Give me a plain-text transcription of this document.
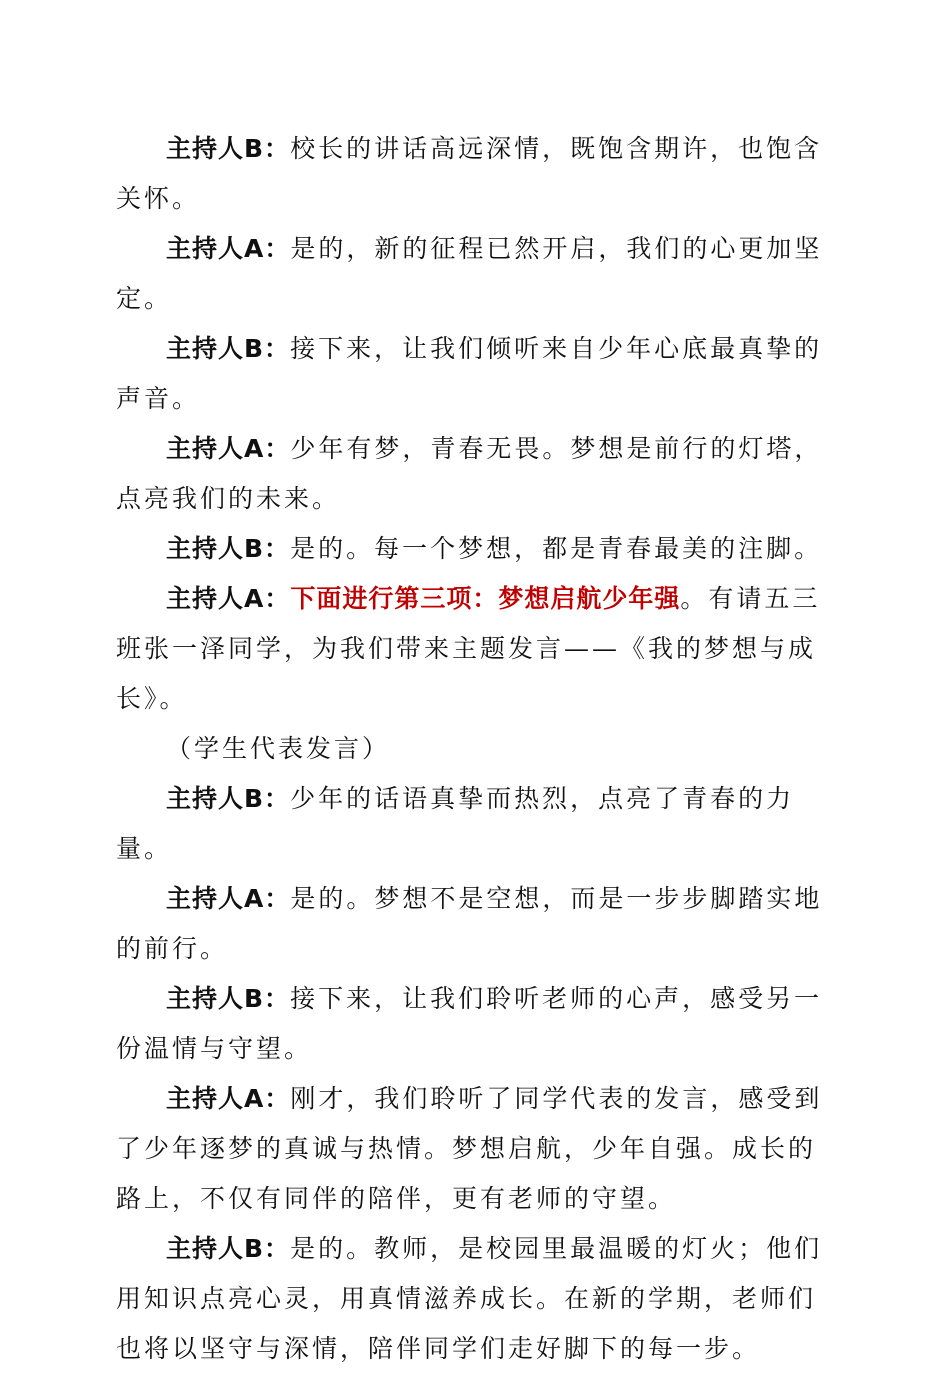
主持人B：校长的讲话高远深情，既饱含期许，也饱含关怀。

主持人A：是的，新的征程已然开启，我们的心更加坚定。

主持人B：接下来，让我们倾听来自少年心底最真挚的声音。

主持人A：少年有梦，青春无畏。梦想是前行的灯塔，点亮我们的未来。

主持人B：是的。每一个梦想，都是青春最美的注脚。

主持人A：下面进行第三项：梦想启航少年强。有请五三班张一泽同学，为我们带来主题发言——《我的梦想与成长》。

（学生代表发言）

主持人B：少年的话语真挚而热烈，点亮了青春的力量。

主持人A：是的。梦想不是空想，而是一步步脚踏实地的前行。

主持人B：接下来，让我们聆听老师的心声，感受另一份温情与守望。

主持人A：刚才，我们聆听了同学代表的发言，感受到了少年逐梦的真诚与热情。梦想启航，少年自强。成长的路上，不仅有同伴的陪伴，更有老师的守望。

主持人B：是的。教师，是校园里最温暖的灯火；他们用知识点亮心灵，用真情滋养成长。在新的学期，老师们也将以坚守与深情，陪伴同学们走好脚下的每一步。
